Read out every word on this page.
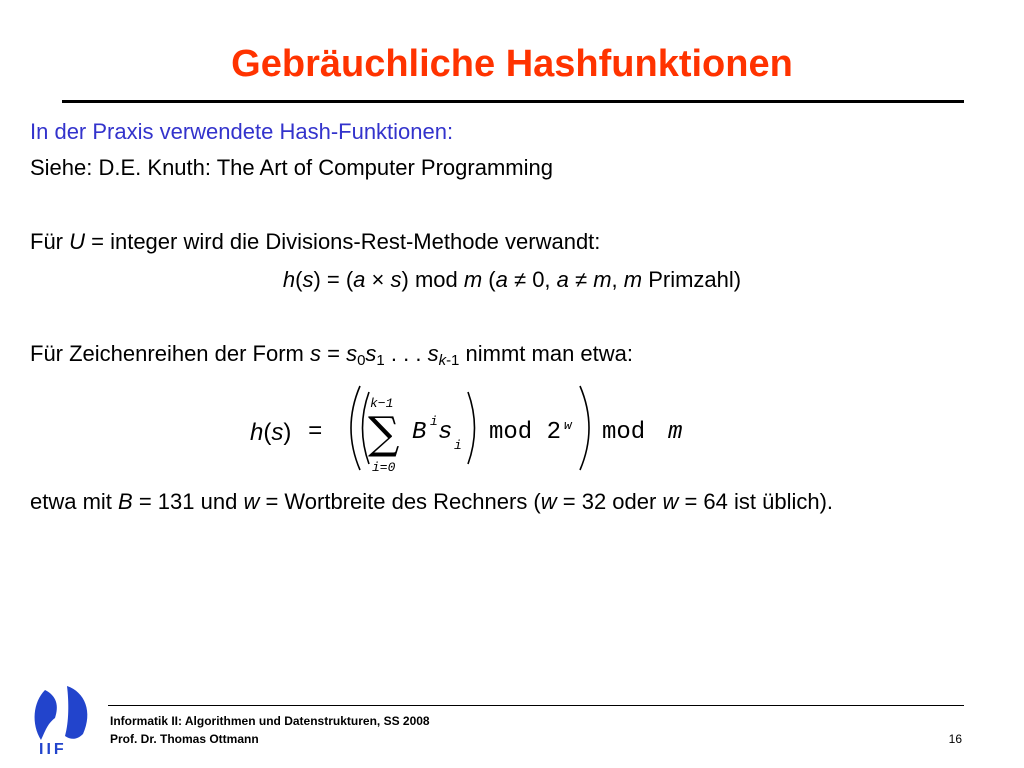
Gebräuchliche Hashfunktionen
In der Praxis verwendete Hash-Funktionen:
Siehe: D.E. Knuth: The Art of Computer Programming
Für U = integer wird die Divisions-Rest-Methode verwandt:
h(s) = (a × s) mod m (a ≠ 0, a ≠ m, m Primzahl)
Für Zeichenreihen der Form $s = s_0s_1$ . . . $s_{k-1}$ nimmt man etwa:
h(s) =
k−1
∑
i=0
B i s i mod 2 w mod m
etwa mit B = 131 und w = Wortbreite des Rechners (w = 32 oder w = 64 ist üblich).
IIF
Informatik II: Algorithmen und Datenstrukturen, SS 2008
Prof. Dr. Thomas Ottmann	16
